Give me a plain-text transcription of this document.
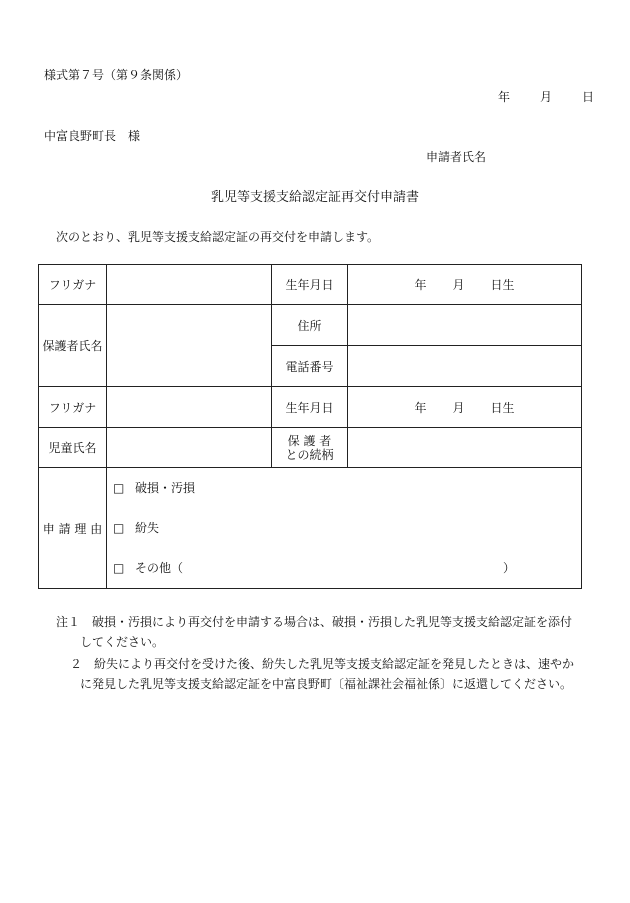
様式第７号（第９条関係）
年	月	日
中富良野町長　様
申請者氏名
乳児等支援支給認定証再交付申請書
次のとおり、乳児等支援支給認定証の再交付を申請します。
フリガナ		生年月日	年 月 日生
保護者氏名		住所	
		電話番号	
フリガナ		生年月日	年 月 日生
児童氏名		保 護 者
との続柄	

申 請 理 由	□ 破損・汚損
□ 紛失
□ その他（ ）		
注１　破損・汚損により再交付を申請する場合は、破損・汚損した乳児等支援支給認定証を添付
してください。
２　紛失により再交付を受けた後、紛失した乳児等支援支給認定証を発見したときは、速やか
に発見した乳児等支援支給認定証を中富良野町〔福祉課社会福祉係〕に返還してください。
